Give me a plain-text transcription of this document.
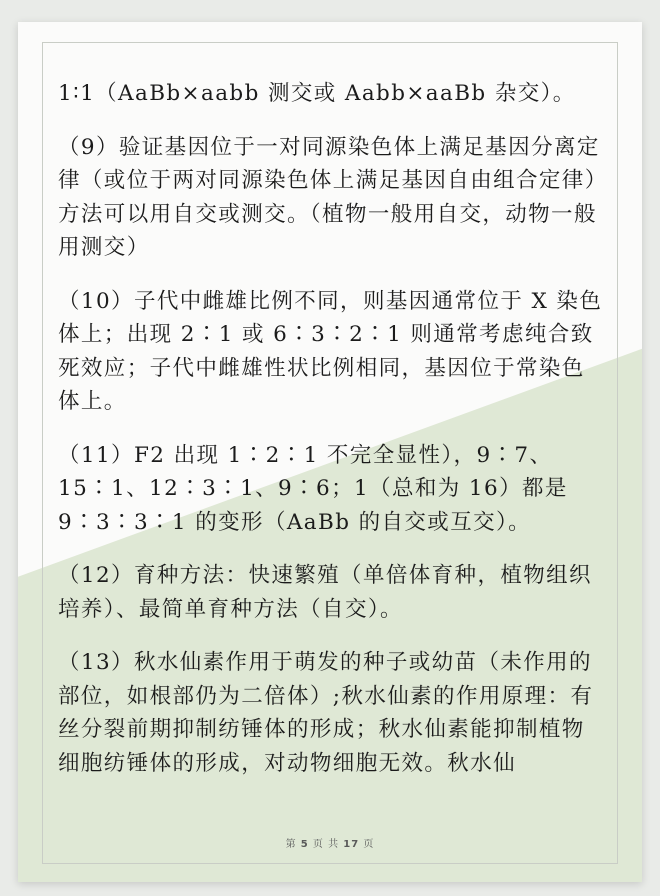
1∶1（AaBb×aabb 测交或 Aabb×aaBb 杂交）。

（9）验证基因位于一对同源染色体上满足基因分离定律（或位于两对同源染色体上满足基因自由组合定律）方法可以用自交或测交。（植物一般用自交，动物一般用测交）

（10）子代中雌雄比例不同，则基因通常位于 X 染色体上；出现 2∶1 或 6∶3∶2∶1 则通常考虑纯合致死效应；子代中雌雄性状比例相同，基因位于常染色体上。

（11）F2 出现 1∶2∶1 不完全显性），9∶7、15∶1、12∶3∶1、9∶6；1（总和为 16）都是 9∶3∶3∶1 的变形（AaBb 的自交或互交）。

（12）育种方法：快速繁殖（单倍体育种，植物组织培养）、最简单育种方法（自交）。

（13）秋水仙素作用于萌发的种子或幼苗（未作用的部位，如根部仍为二倍体）;秋水仙素的作用原理：有丝分裂前期抑制纺锤体的形成；秋水仙素能抑制植物细胞纺锤体的形成，对动物细胞无效。秋水仙

第 5 页 共 17 页
